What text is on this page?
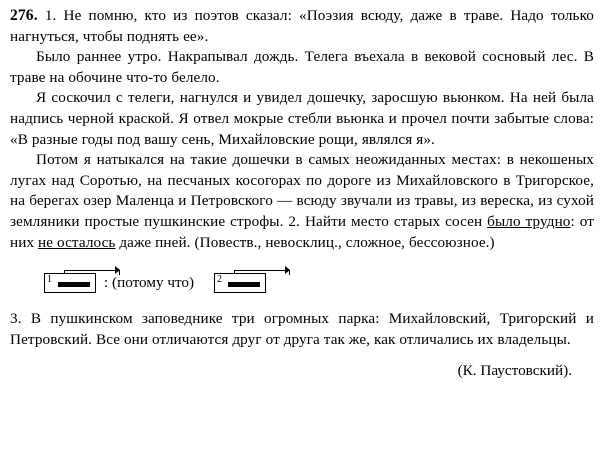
276. 1. Не помню, кто из поэтов сказал: «Поэзия всюду, даже в траве. Надо только нагнуться, чтобы поднять ее».

Было раннее утро. Накрапывал дождь. Телега въехала в вековой сосновый лес. В траве на обочине что-то белело.

Я соскочил с телеги, нагнулся и увидел дошечку, заросшую вьюнком. На ней была надпись черной краской. Я отвел мокрые стебли вьюнка и прочел почти забытые слова: «В разные годы под вашу сень, Михайловские рощи, являлся я».

Потом я натыкался на такие дошечки в самых неожиданных местах: в некошеных лугах над Соротью, на песчаных косогорах по дороге из Михайловского в Тригорское, на берегах озер Маленца и Петровского — всюду звучали из травы, из вереска, из сухой земляники простые пушкинские строфы. 2. Найти место старых сосен было трудно: от них не осталось даже пней. (Повеств., невосклиц., сложное, бессоюзное.)

1	: (потому что) 2

3. В пушкинском заповеднике три огромных парка: Михайловский, Тригорский и Петровский. Все они отличаются друг от друга так же, как отличались их владельцы.

(К. Паустовский).
